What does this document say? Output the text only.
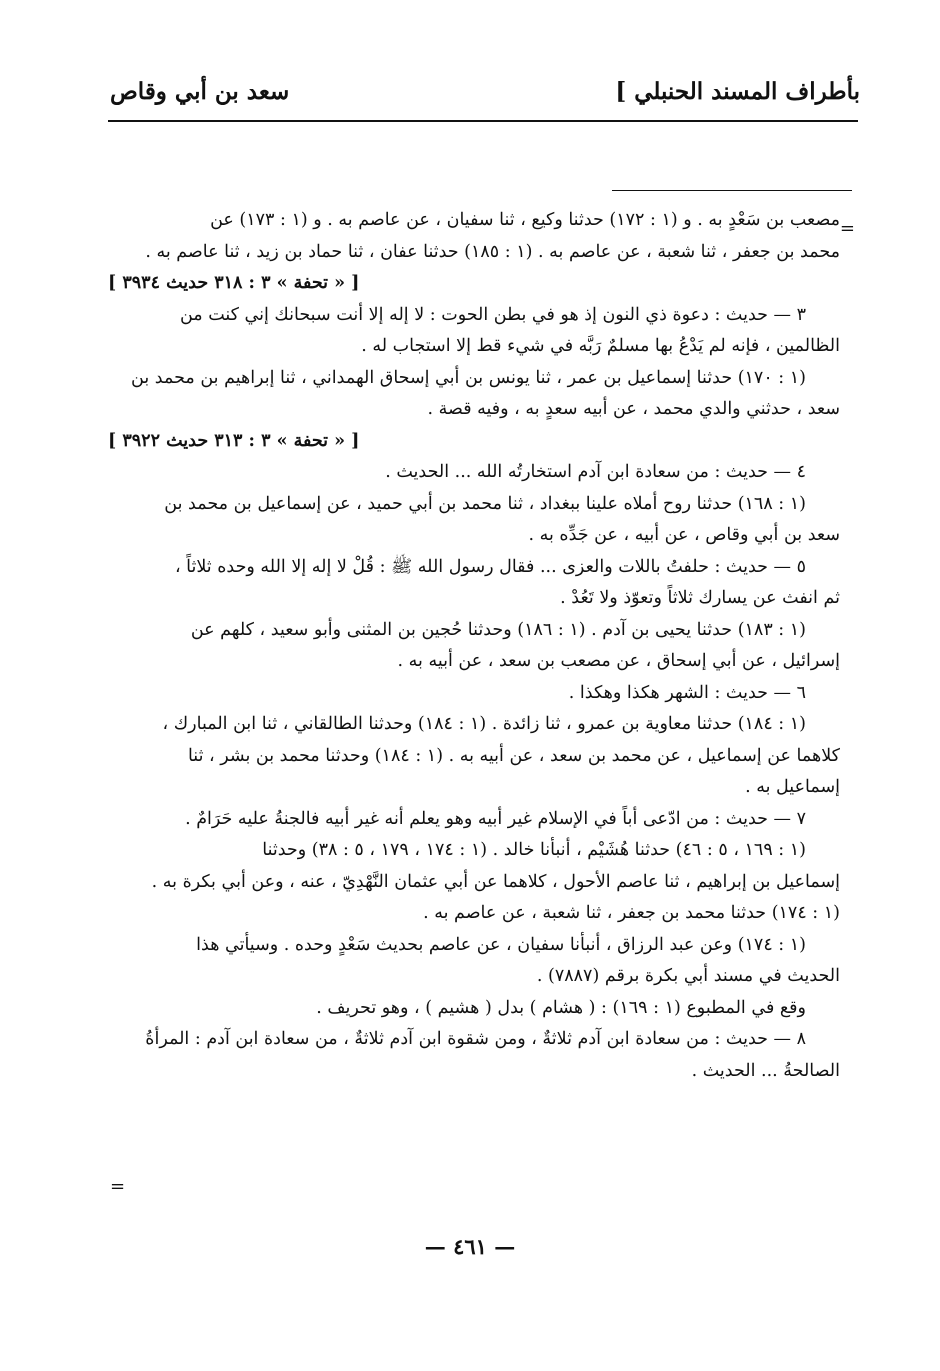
بأطراف المسند الحنبلي ]
سعد بن أبي وقاص
=

مصعب بن سَعْدٍ به . و (١ : ١٧٢) حدثنا وكيع ، ثنا سفيان ، عن عاصم به . و (١ : ١٧٣) عن

محمد بن جعفر ، ثنا شعبة ، عن عاصم به . (١ : ١٨٥) حدثنا عفان ، ثنا حماد بن زيد ، ثنا عاصم به .

[ « تحفة » ٣ : ٣١٨ حديث ٣٩٣٤ ]

٣ — حديث : دعوة ذي النون إذ هو في بطن الحوت : لا إله إلا أنت سبحانك إني كنت من

الظالمين ، فإنه لم يَدْعُ بها مسلمٌ رَبَّه في شيء قط إلا استجاب له .

(١ : ١٧٠) حدثنا إسماعيل بن عمر ، ثنا يونس بن أبي إسحاق الهمداني ، ثنا إبراهيم بن محمد بن

سعد ، حدثني والدي محمد ، عن أبيه سعدٍ به ، وفيه قصة .

[ « تحفة » ٣ : ٣١٣ حديث ٣٩٢٢ ]

٤ — حديث : من سعادة ابن آدم استخارتُه الله ... الحديث .

(١ : ١٦٨) حدثنا روح أملاه علينا ببغداد ، ثنا محمد بن أبي حميد ، عن إسماعيل بن محمد بن

سعد بن أبي وقاص ، عن أبيه ، عن جَدِّه به .

٥ — حديث : حلفتُ باللات والعزى ... فقال رسول الله ﷺ : قُلْ لا إله إلا الله وحده ثلاثاً ،

ثم انفث عن يسارك ثلاثاً وتعوّذ ولا تَعُدْ .

(١ : ١٨٣) حدثنا يحيى بن آدم . (١ : ١٨٦) وحدثنا حُجين بن المثنى وأبو سعيد ، كلهم عن

إسرائيل ، عن أبي إسحاق ، عن مصعب بن سعد ، عن أبيه به .

٦ — حديث : الشهر هكذا وهكذا .

(١ : ١٨٤) حدثنا معاوية بن عمرو ، ثنا زائدة . (١ : ١٨٤) وحدثنا الطالقاني ، ثنا ابن المبارك ،

كلاهما عن إسماعيل ، عن محمد بن سعد ، عن أبيه به . (١ : ١٨٤) وحدثنا محمد بن بشر ، ثنا

إسماعيل به .

٧ — حديث : من ادّعى أباً في الإسلام غير أبيه وهو يعلم أنه غير أبيه فالجنةُ عليه حَرَامٌ .

(١ : ١٦٩ ، ٥ : ٤٦) حدثنا هُشَيْم ، أنبأنا خالد . (١ : ١٧٤ ، ١٧٩ ، ٥ : ٣٨) وحدثنا

إسماعيل بن إبراهيم ، ثنا عاصم الأحول ، كلاهما عن أبي عثمان النَّهْدِيّ ، عنه ، وعن أبي بكرة به .

(١ : ١٧٤) حدثنا محمد بن جعفر ، ثنا شعبة ، عن عاصم به .

(١ : ١٧٤) وعن عبد الرزاق ، أنبأنا سفيان ، عن عاصم بحديث سَعْدٍ وحده . وسيأتي هذا

الحديث في مسند أبي بكرة برقم (٧٨٨٧) .

وقع في المطبوع (١ : ١٦٩) : ( هشام ) بدل ( هشيم ) ، وهو تحريف .

٨ — حديث : من سعادة ابن آدم ثلاثةٌ ، ومن شقوة ابن آدم ثلاثةٌ ، من سعادة ابن آدم : المرأةُ

الصالحةُ ... الحديث .

=
— ٤٦١ —
